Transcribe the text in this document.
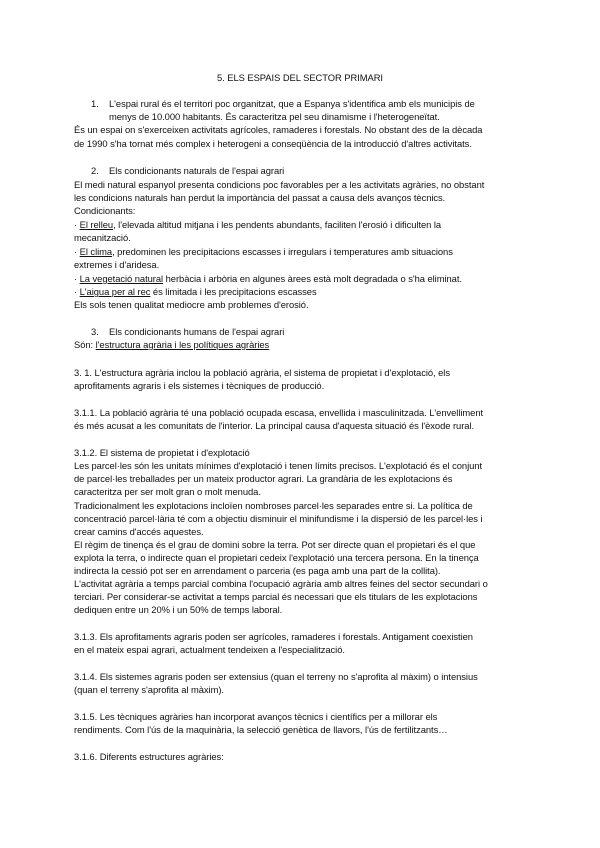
5. ELS ESPAIS DEL SECTOR PRIMARI
1. L'espai rural és el territori poc organitzat, que a Espanya s'identifica amb els municipis de
menys de 10.000 habitants. És caracteritza pel seu dinamisme i l'heterogeneïtat.
És un espai on s'exerceixen activitats agrícoles, ramaderes i forestals. No obstant des de la dècada
de 1990 s'ha tornat més complex i heterogeni a conseqüència de la introducció d'altres activitats.
2. Els condicionants naturals de l'espai agrari
El medi natural espanyol presenta condicions poc favorables per a les activitats agràries, no obstant
les condicions naturals han perdut la importància del passat a causa dels avanços tècnics.
Condicionants:
· El relleu, l'elevada altitud mitjana i les pendents abundants, faciliten l'erosió i dificulten la
mecanització.
· El clima, predominen les precipitacions escasses i irregulars i temperatures amb situacions
extremes i d'aridesa.
· La vegetació natural herbàcia i arbòria en algunes àrees està molt degradada o s'ha eliminat.
· L'aigua per al rec és limitada i les precipitacions escasses
Els sols tenen qualitat mediocre amb problemes d'erosió.
3. Els condicionants humans de l'espai agrari
Són: l'estructura agrària i les polítiques agràries
3. 1. L'estructura agrària inclou la població agrària, el sistema de propietat i d'explotació, els
aprofitaments agraris i els sistemes i tècniques de producció.
3.1.1. La població agrària té una població ocupada escasa, envellida i masculinitzada. L'envelliment
és més acusat a les comunitats de l'interior. La principal causa d'aquesta situació és l'èxode rural.
3.1.2. El sistema de propietat i d'explotació
Les parcel·les són les unitats mínimes d'explotació i tenen límits precisos. L'explotació és el conjunt
de parcel·les treballades per un mateix productor agrari. La grandària de les explotacions és
caracteritza per ser molt gran o molt menuda.
Tradicionalment les explotacions incloïen nombroses parcel·les separades entre si. La política de
concentració parcel·lària té com a objectiu disminuir el minifundisme i la dispersió de les parcel·les i
crear camins d'accés aquestes.
El règim de tinença és el grau de domini sobre la terra. Pot ser directe quan el propietari és el que
explota la terra, o indirecte quan el propietari cedeix l'explotació una tercera persona. En la tinença
indirecta la cessió pot ser en arrendament o parceria (es paga amb una part de la collita).
L'activitat agrària a temps parcial combina l'ocupació agrària amb altres feines del sector secundari o
terciari. Per considerar-se activitat a temps parcial és necessari que els titulars de les explotacions
dediquen entre un 20% i un 50% de temps laboral.
3.1.3. Els aprofitaments agraris poden ser agrícoles, ramaderes i forestals. Antigament coexistien
en el mateix espai agrari, actualment tendeixen a l'especialització.
3.1.4. Els sistemes agraris poden ser extensius (quan el terreny no s'aprofita al màxim) o intensius
(quan el terreny s'aprofita al màxim).
3.1.5. Les tècniques agràries han incorporat avanços tècnics i científics per a millorar els
rendiments. Com l'ús de la maquinària, la selecció genètica de llavors, l'ús de fertilitzants…
3.1.6. Diferents estructures agràries:
